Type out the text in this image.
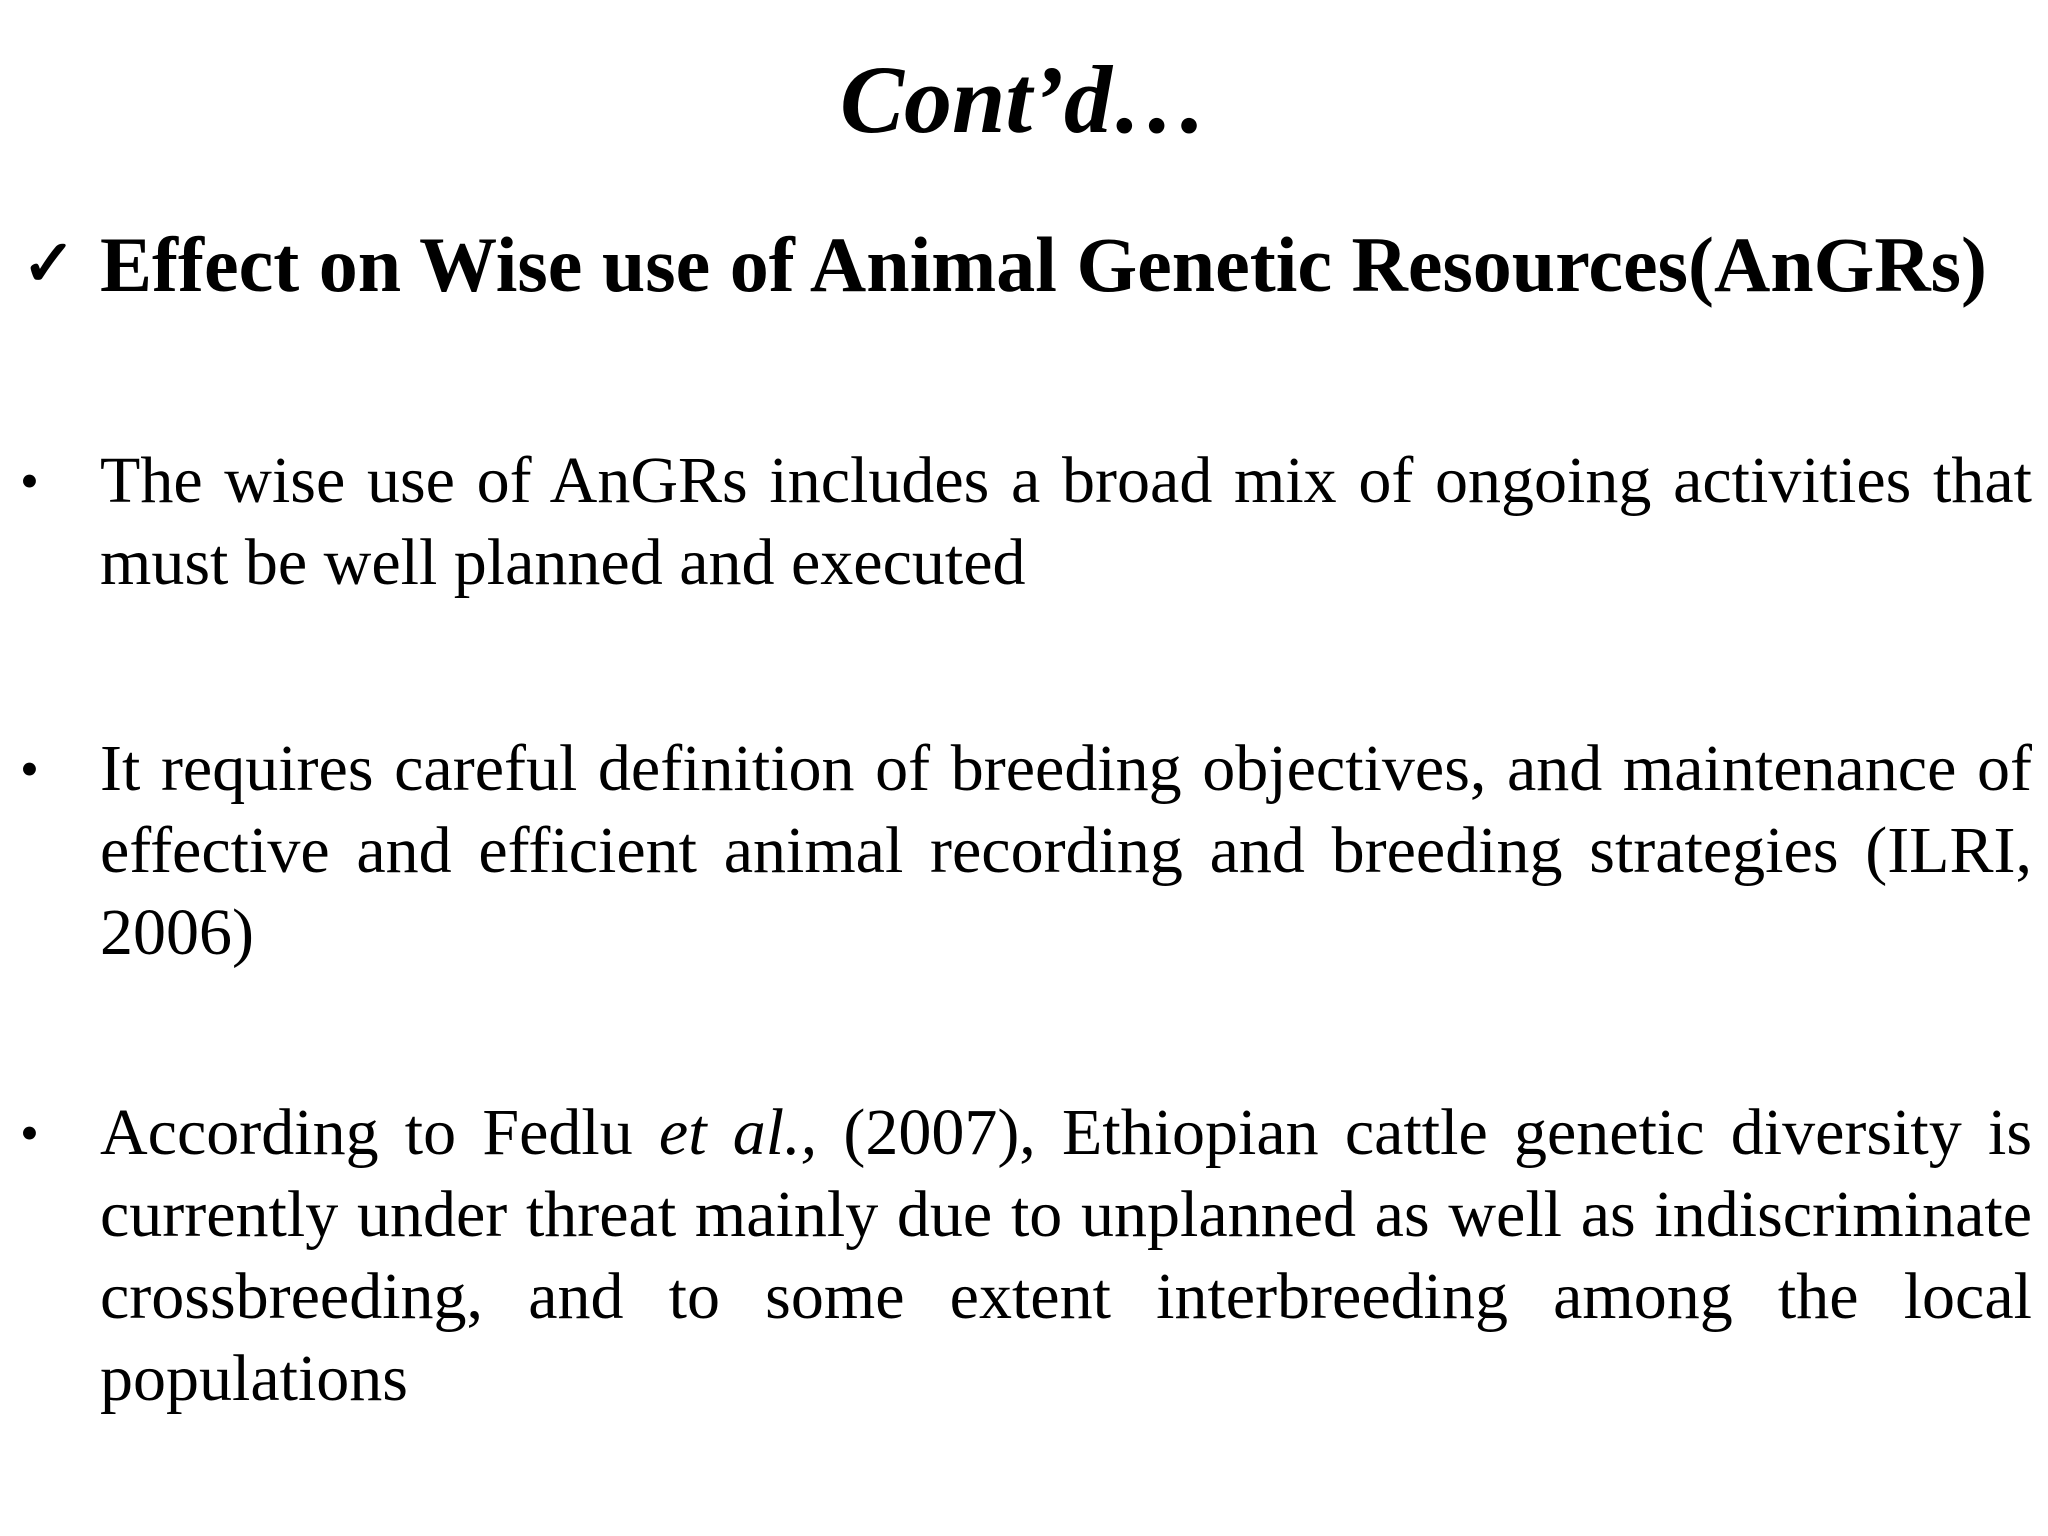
Cont’d…
✓ Effect on Wise use of Animal Genetic Resources(AnGRs)
• The wise use of AnGRs includes a broad mix of ongoing activities that must be well planned and executed
• It requires careful definition of breeding objectives, and maintenance of effective and efficient animal recording and breeding strategies (ILRI, 2006)
• According to Fedlu et al., (2007), Ethiopian cattle genetic diversity is currently under threat mainly due to unplanned as well as indiscriminate crossbreeding, and to some extent interbreeding among the local populations
